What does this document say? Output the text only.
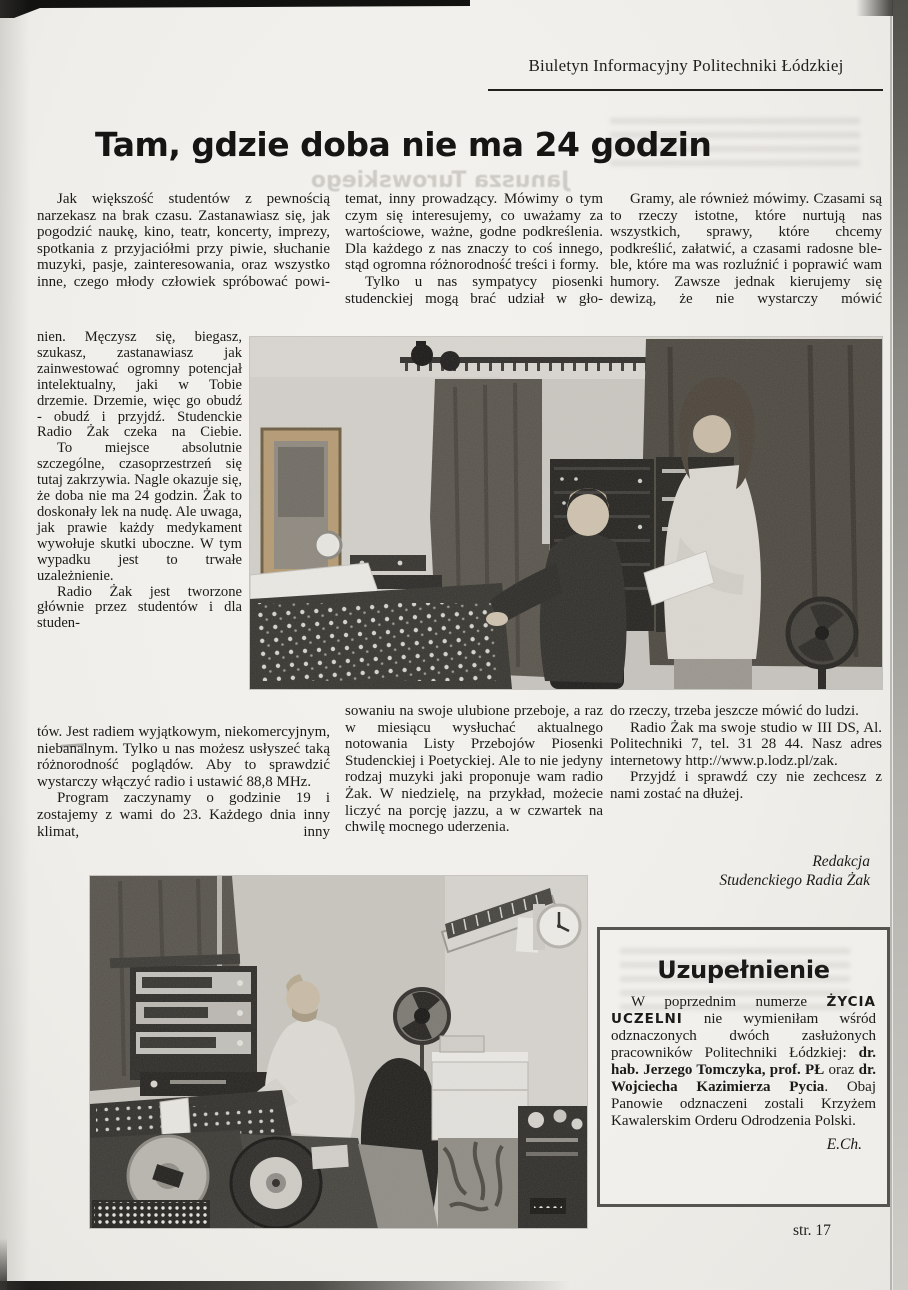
Biuletyn Informacyjny Politechniki Łódzkiej
Tam, gdzie doba nie ma 24 godzin
Janusza Turowskiego

Jak większość studentów z pewnością narzekasz na brak czasu. Zastanawiasz się, jak pogodzić naukę, kino, teatr, koncerty, imprezy, spotkania z przyjaciółmi przy piwie, słuchanie muzyki, pasje, zainteresowania, oraz wszystko inne, czego młody człowiek spróbować powi-

nien. Męczysz się, biegasz, szukasz, zastanawiasz jak zainwestować ogromny potencjał intelektualny, jaki w Tobie drzemie. Drzemie, więc go obudź - obudź i przyjdź. Studenckie Radio Żak czeka na Ciebie.

To miejsce absolutnie szczególne, czasoprzestrzeń się tutaj zakrzywia. Nagle okazuje się, że doba nie ma 24 godzin. Żak to doskonały lek na nudę. Ale uwaga, jak prawie każdy medykament wywołuje skutki uboczne. W tym wypadku jest to trwałe uzależnienie.

Radio Żak jest tworzone głównie przez studentów i dla studen-

tów. Jest radiem wyjątkowym, niekomercyjnym, niebanalnym. Tylko u nas możesz usłyszeć taką różnorodność poglądów. Aby to sprawdzić wystarczy włączyć radio i ustawić 88,8 MHz.

Program zaczynamy o godzinie 19 i zostajemy z wami do 23. Każdego dnia inny klimat, inny

temat, inny prowadzący. Mówimy o tym czym się interesujemy, co uważamy za wartościowe, ważne, godne podkreślenia. Dla każdego z nas znaczy to coś innego, stąd ogromna różnorodność treści i formy.

Tylko u nas sympatycy piosenki studenckiej mogą brać udział w gło-

sowaniu na swoje ulubione przeboje, a raz w miesiącu wysłuchać aktualnego notowania Listy Przebojów Piosenki Studenckiej i Poetyckiej. Ale to nie jedyny rodzaj muzyki jaki proponuje wam radio Żak. W niedzielę, na przykład, możecie liczyć na porcję jazzu, a w czwartek na chwilę mocnego uderzenia.

Gramy, ale również mówimy. Czasami są to rzeczy istotne, które nurtują nas wszystkich, sprawy, które chcemy podkreślić, załatwić, a czasami radosne ble-ble, które ma was rozluźnić i poprawić wam humory. Zawsze jednak kierujemy się dewizą, że nie wystarczy mówić

do rzeczy, trzeba jeszcze mówić do ludzi.

Radio Żak ma swoje studio w III DS, Al. Politechniki 7, tel. 31 28 44. Nasz adres internetowy http://www.p.lodz.pl/zak.

Przyjdź i sprawdź czy nie zechcesz z nami zostać na dłużej.

Redakcja
Studenckiego Radia Żak
Uzupełnienie

W poprzednim numerze ŻYCIA UCZELNI nie wymieniłam wśród odznaczonych dwóch zasłużonych pracowników Politechniki Łódzkiej: dr. hab. Jerzego Tomczyka, prof. PŁ oraz dr. Wojciecha Kazimierza Pycia. Obaj Panowie odznaczeni zostali Krzyżem Kawalerskim Orderu Odrodzenia Polski.

E.Ch.
str. 17
